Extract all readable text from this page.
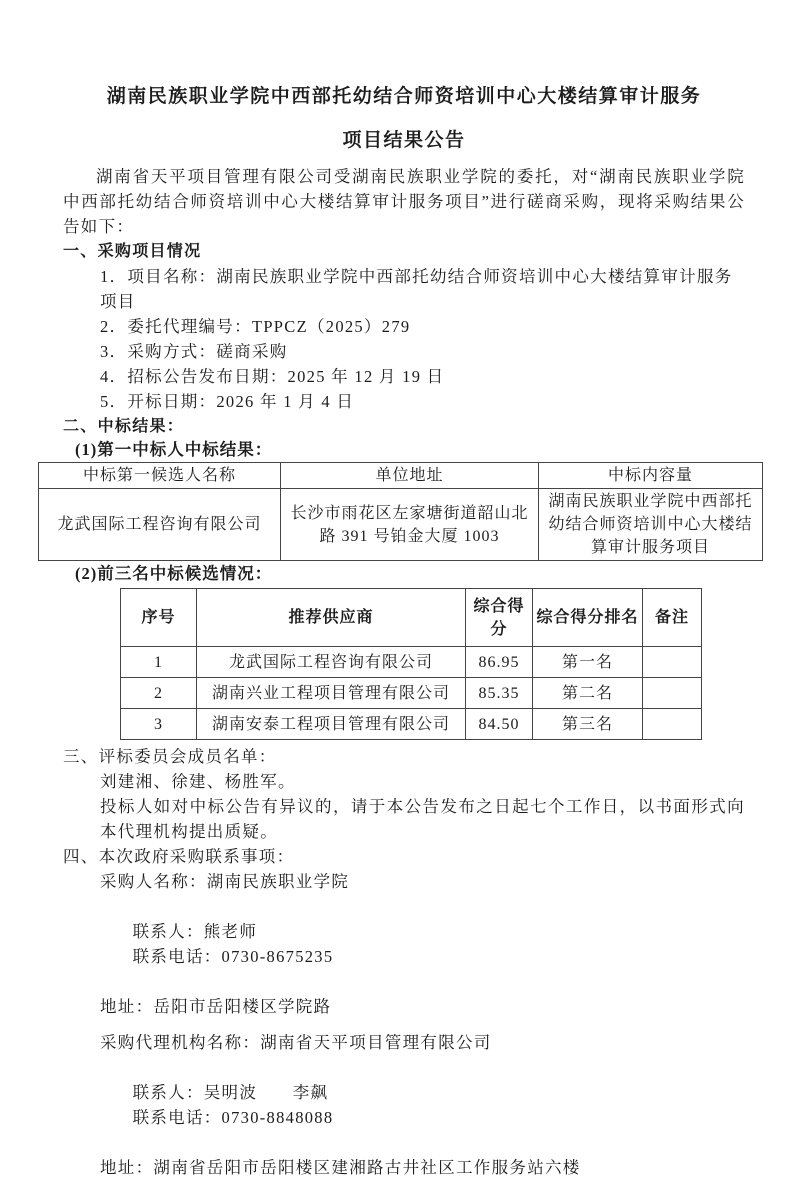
湖南民族职业学院中西部托幼结合师资培训中心大楼结算审计服务
项目结果公告

湖南省天平项目管理有限公司受湖南民族职业学院的委托，对“湖南民族职业学院中西部托幼结合师资培训中心大楼结算审计服务项目”进行磋商采购，现将采购结果公告如下：

一、采购项目情况
1．项目名称：湖南民族职业学院中西部托幼结合师资培训中心大楼结算审计服务项目
2．委托代理编号：TPPCZ（2025）279
3．采购方式：磋商采购
4．招标公告发布日期：2025 年 12 月 19 日
5．开标日期：2026 年 1 月 4 日
二、中标结果：
(1)第一中标人中标结果：
中标第一候选人名称	单位地址	中标内容量
龙武国际工程咨询有限公司	长沙市雨花区左家塘街道韶山北路 391 号铂金大厦 1003	湖南民族职业学院中西部托幼结合师资培训中心大楼结算审计服务项目
(2)前三名中标候选情况：
序号	推荐供应商	综合得分	综合得分排名	备注
1	龙武国际工程咨询有限公司	86.95	第一名	
2	湖南兴业工程项目管理有限公司	85.35	第二名	
3	湖南安泰工程项目管理有限公司	84.50	第三名	
三、评标委员会成员名单：
刘建湘、徐建、杨胜军。

投标人如对中标公告有异议的，请于本公告发布之日起七个工作日，以书面形式向本代理机构提出质疑。

四、本次政府采购联系事项：
采购人名称：湖南民族职业学院

联系人：熊老师
联系电话：0730-8675235

地址：岳阳市岳阳楼区学院路
采购代理机构名称：湖南省天平项目管理有限公司

联系人：吴明波　　李飙
联系电话：0730-8848088

地址：湖南省岳阳市岳阳楼区建湘路古井社区工作服务站六楼
